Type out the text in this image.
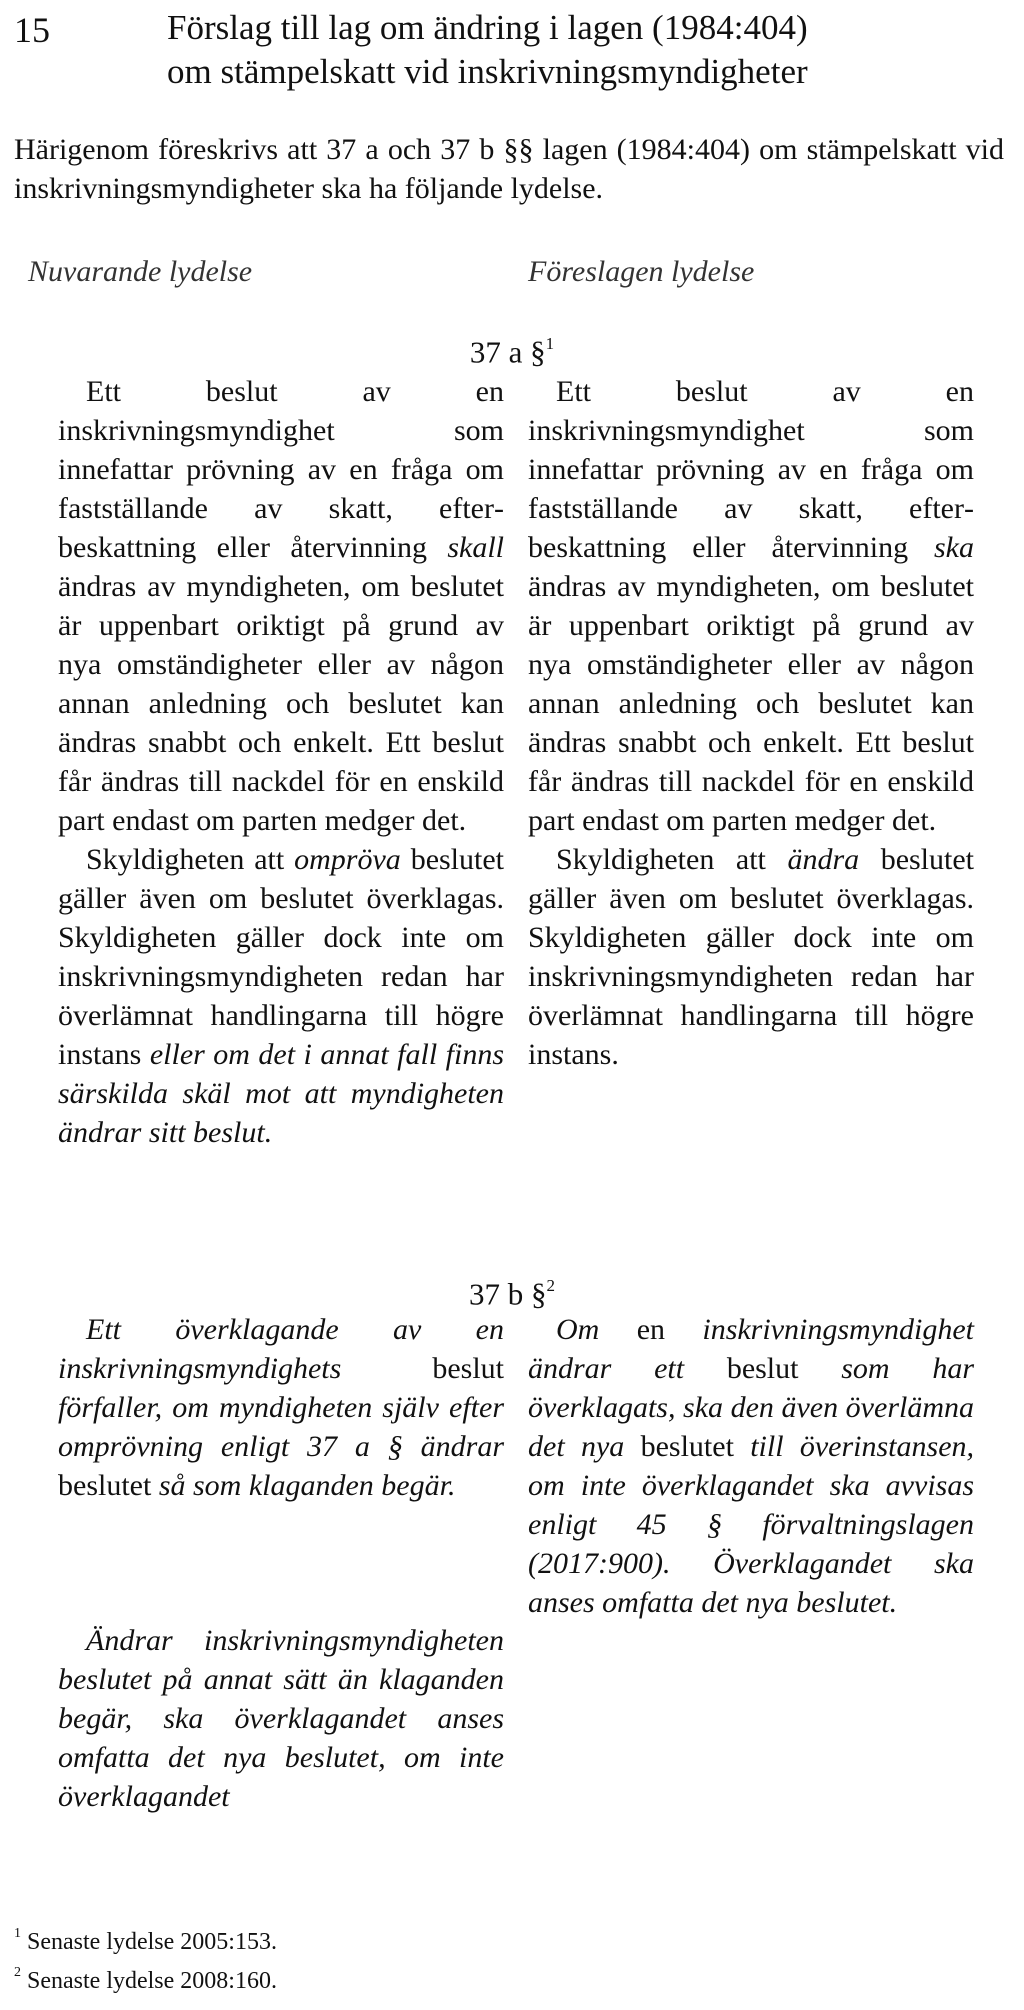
15	Förslag till lag om ändring i lagen (1984:404)
om stämpelskatt vid inskrivningsmyndigheter
Härigenom föreskrivs att 37 a och 37 b §§ lagen (1984:404) om stämpelskatt vid inskrivningsmyndigheter ska ha följande lydelse.
Nuvarande lydelse	Föreslagen lydelse
37 a §$^1$

Ett beslut av en inskrivningsmyndighet som innefattar prövning av en fråga om fastställande av skatt, efterbeskattning eller återvinning skall ändras av myndigheten, om beslutet är uppenbart oriktigt på grund av nya omständigheter eller av någon annan anledning och beslutet kan ändras snabbt och enkelt. Ett beslut får ändras till nackdel för en enskild part endast om parten medger det.

Skyldigheten att ompröva beslutet gäller även om beslutet överklagas. Skyldigheten gäller dock inte om inskrivningsmyndigheten redan har överlämnat handlingarna till högre instans eller om det i annat fall finns särskilda skäl mot att myndigheten ändrar sitt beslut.

Ett beslut av en inskrivningsmyndighet som innefattar prövning av en fråga om fastställande av skatt, efterbeskattning eller återvinning ska ändras av myndigheten, om beslutet är uppenbart oriktigt på grund av nya omständigheter eller av någon annan anledning och beslutet kan ändras snabbt och enkelt. Ett beslut får ändras till nackdel för en enskild part endast om parten medger det.

Skyldigheten att ändra beslutet gäller även om beslutet överklagas. Skyldigheten gäller dock inte om inskrivningsmyndigheten redan har överlämnat handlingarna till högre instans.

37 b §$^2$

Ett överklagande av en inskrivningsmyndighets beslut förfaller, om myndigheten själv efter omprövning enligt 37 a § ändrar beslutet så som klaganden begär.

Ändrar inskrivningsmyndigheten beslutet på annat sätt än klaganden begär, ska överklagandet anses omfatta det nya beslutet, om inte överklagandet

Om en inskrivningsmyndighet ändrar ett beslut som har överklagats, ska den även överlämna det nya beslutet till överinstansen, om inte överklagandet ska avvisas enligt 45 § förvaltningslagen (2017:900). Överklagandet ska anses omfatta det nya beslutet.

$^1$ Senaste lydelse 2005:153.
$^2$ Senaste lydelse 2008:160.
